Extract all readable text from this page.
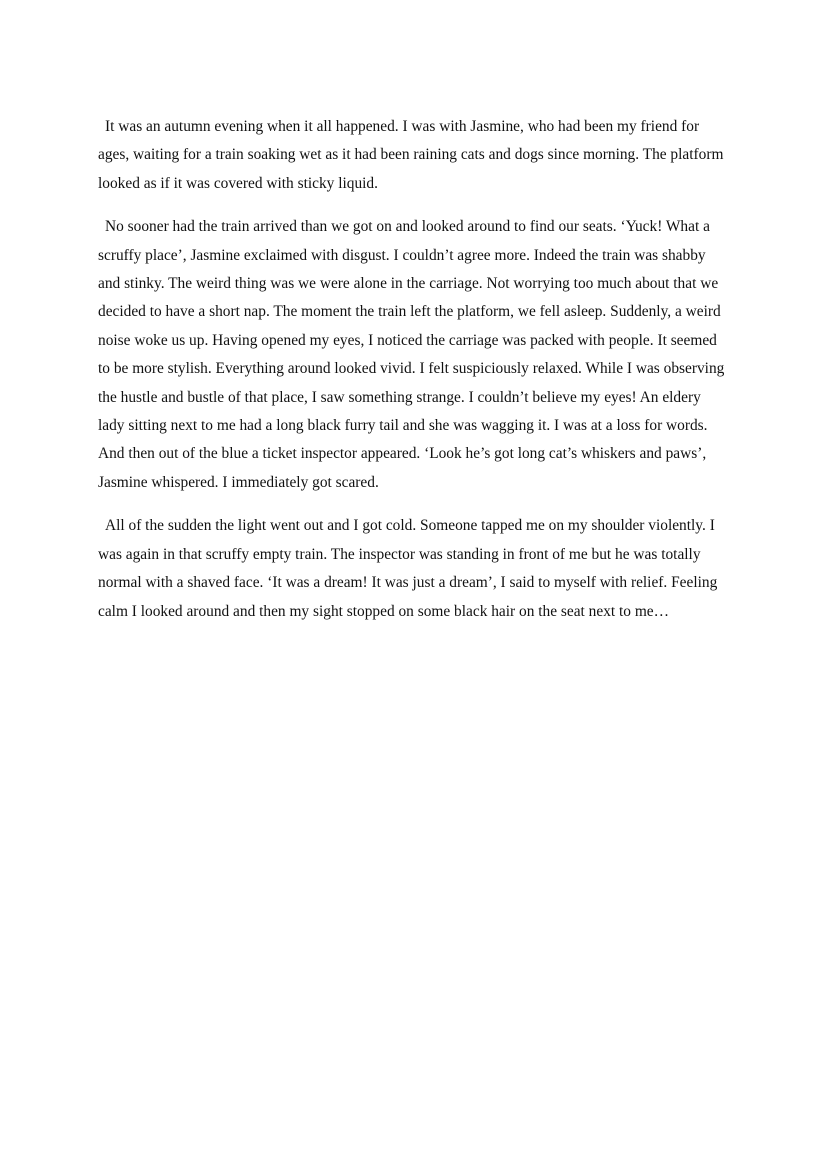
It was an autumn evening when it all happened. I was with Jasmine, who had been my friend for ages, waiting for a train soaking wet as it had been raining cats and dogs since morning. The platform looked as if it was covered with sticky liquid.

No sooner had the train arrived than we got on and looked around to find our seats. ‘Yuck! What a scruffy place’, Jasmine exclaimed with disgust. I couldn’t agree more. Indeed the train was shabby and stinky. The weird thing was we were alone in the carriage. Not worrying too much about that we decided to have a short nap. The moment the train left the platform, we fell asleep. Suddenly, a weird noise woke us up. Having opened my eyes, I noticed the carriage was packed with people. It seemed to be more stylish. Everything around looked vivid. I felt suspiciously relaxed. While I was observing the hustle and bustle of that place, I saw something strange. I couldn’t believe my eyes! An eldery lady sitting next to me had a long black furry tail and she was wagging it. I was at a loss for words. And then out of the blue a ticket inspector appeared. ‘Look he’s got long cat’s whiskers and paws’, Jasmine whispered. I immediately got scared.

All of the sudden the light went out and I got cold. Someone tapped me on my shoulder violently. I was again in that scruffy empty train. The inspector was standing in front of me but he was totally normal with a shaved face. ‘It was a dream! It was just a dream’, I said to myself with relief. Feeling calm I looked around and then my sight stopped on some black hair on the seat next to me…
